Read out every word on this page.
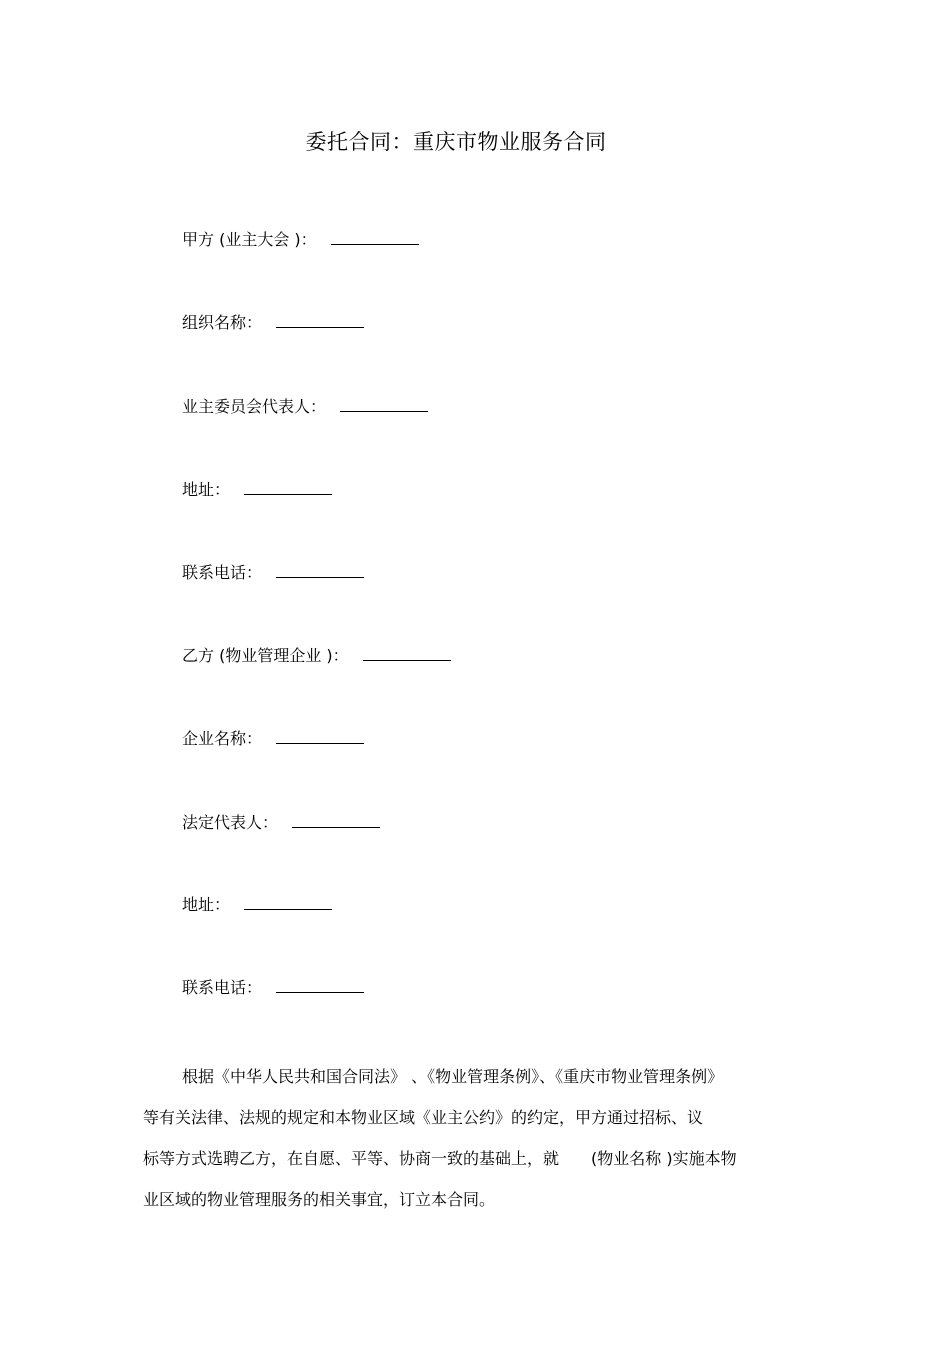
委托合同：重庆市物业服务合同
甲方 (业主大会 )：
组织名称：
业主委员会代表人：
地址：
联系电话：
乙方 (物业管理企业 )：
企业名称：
法定代表人：
地址：
联系电话：
根据《中华人民共和国合同法》 、《物业管理条例》、《重庆市物业管理条例》
等有关法律、法规的规定和本物业区域《业主公约》的约定，甲方通过招标、议
标等方式选聘乙方，在自愿、平等、协商一致的基础上，就　　(物业名称 )实施本物
业区域的物业管理服务的相关事宜，订立本合同。
